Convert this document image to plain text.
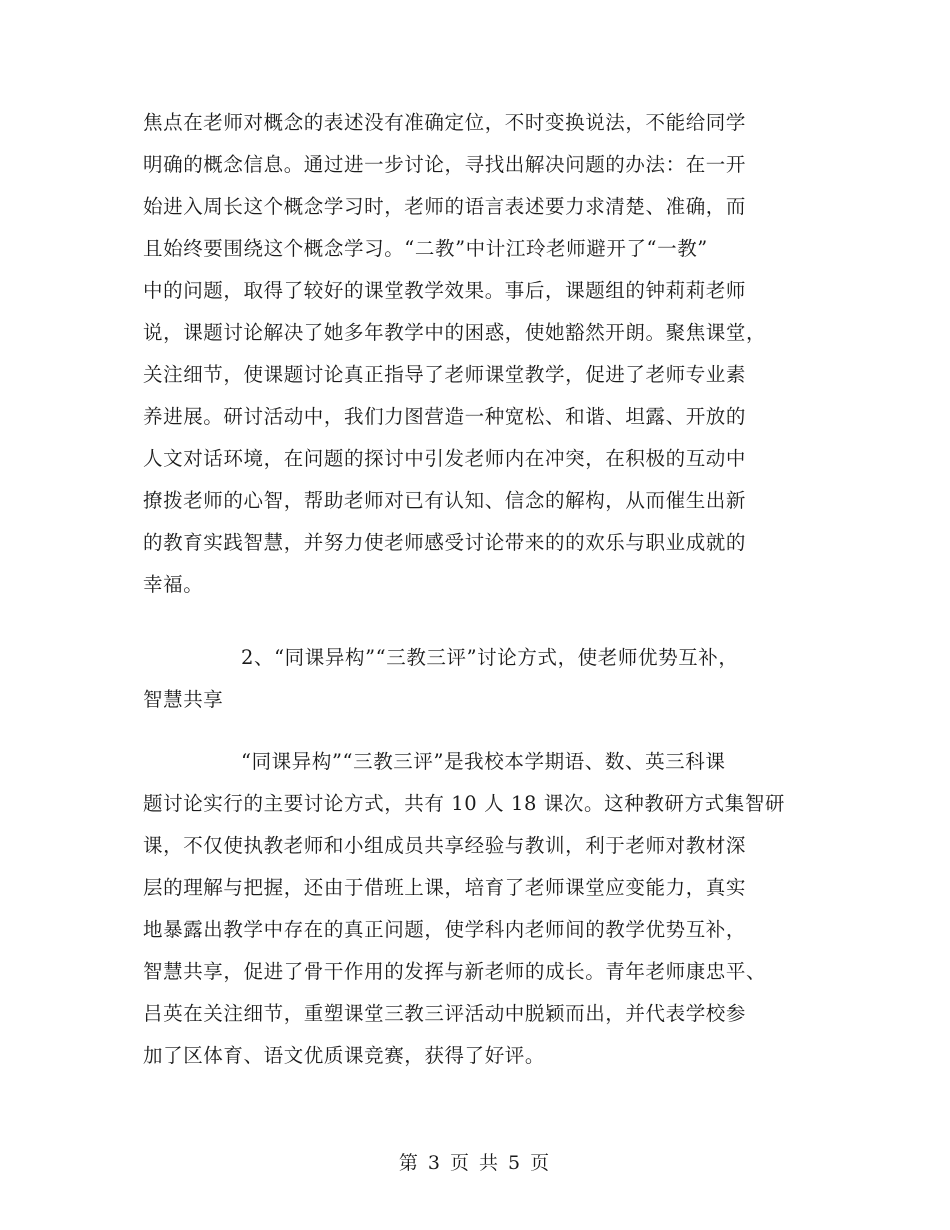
焦点在老师对概念的表述没有准确定位，不时变换说法，不能给同学
明确的概念信息。通过进一步讨论，寻找出解决问题的办法：在一开
始进入周长这个概念学习时，老师的语言表述要力求清楚、准确，而
且始终要围绕这个概念学习。“二教”中计江玲老师避开了“一教”
中的问题，取得了较好的课堂教学效果。事后，课题组的钟莉莉老师
说，课题讨论解决了她多年教学中的困惑，使她豁然开朗。聚焦课堂，
关注细节，使课题讨论真正指导了老师课堂教学，促进了老师专业素
养进展。研讨活动中，我们力图营造一种宽松、和谐、坦露、开放的
人文对话环境，在问题的探讨中引发老师内在冲突，在积极的互动中
撩拨老师的心智，帮助老师对已有认知、信念的解构，从而催生出新
的教育实践智慧，并努力使老师感受讨论带来的的欢乐与职业成就的
幸福。
2、“同课异构”“三教三评”讨论方式，使老师优势互补，
智慧共享
“同课异构”“三教三评”是我校本学期语、数、英三科课
题讨论实行的主要讨论方式，共有 10 人 18 课次。这种教研方式集智研
课，不仅使执教老师和小组成员共享经验与教训，利于老师对教材深
层的理解与把握，还由于借班上课，培育了老师课堂应变能力，真实
地暴露出教学中存在的真正问题，使学科内老师间的教学优势互补，
智慧共享，促进了骨干作用的发挥与新老师的成长。青年老师康忠平、
吕英在关注细节，重塑课堂三教三评活动中脱颖而出，并代表学校参
加了区体育、语文优质课竞赛，获得了好评。
第 3 页 共 5 页
